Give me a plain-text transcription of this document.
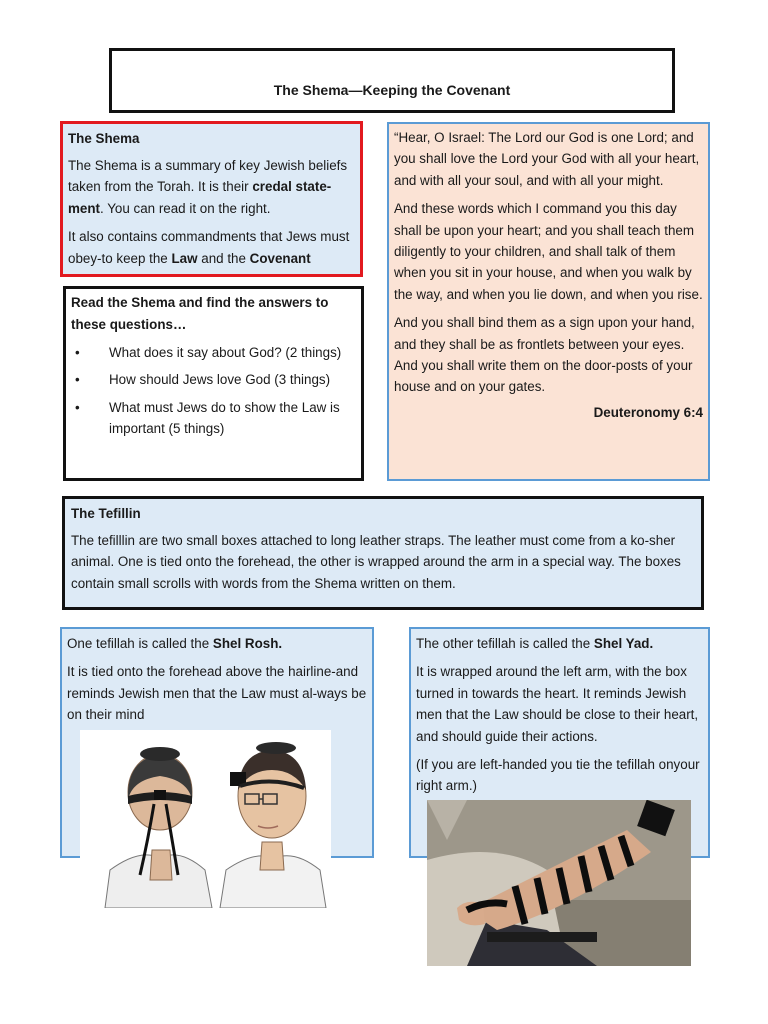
The Shema—Keeping the Covenant

The Shema

The Shema is a summary of key Jewish beliefs taken from the Torah. It is their credal state-ment. You can read it on the right.

It also contains commandments that Jews must obey-to keep the Law and the Covenant

Read the Shema and find the answers to these questions…

• What does it say about God? (2 things)
• How should Jews love God (3 things)
• What must Jews do to show the Law is important (5 things)

“Hear, O Israel: The Lord our God is one Lord; and you shall love the Lord your God with all your heart, and with all your soul, and with all your might.

And these words which I command you this day shall be upon your heart; and you shall teach them diligently to your children, and shall talk of them when you sit in your house, and when you walk by the way, and when you lie down, and when you rise.

And you shall bind them as a sign upon your hand, and they shall be as frontlets between your eyes. And you shall write them on the door-posts of your house and on your gates.

Deuteronomy 6:4

The Tefillin

The tefilllin are two small boxes attached to long leather straps. The leather must come from a ko-sher animal. One is tied onto the forehead, the other is wrapped around the arm in a special way. The boxes contain small scrolls with words from the Shema written on them.

One tefillah is called the Shel Rosh.

It is tied onto the forehead above the hairline-and reminds Jewish men that the Law must al-ways be on their mind

The other tefillah is called the Shel Yad.

It is wrapped around the left arm, with the box turned in towards the heart. It reminds Jewish men that the Law should be close to their heart, and should guide their actions.

(If you are left-handed you tie the tefillah onyour right arm.)
